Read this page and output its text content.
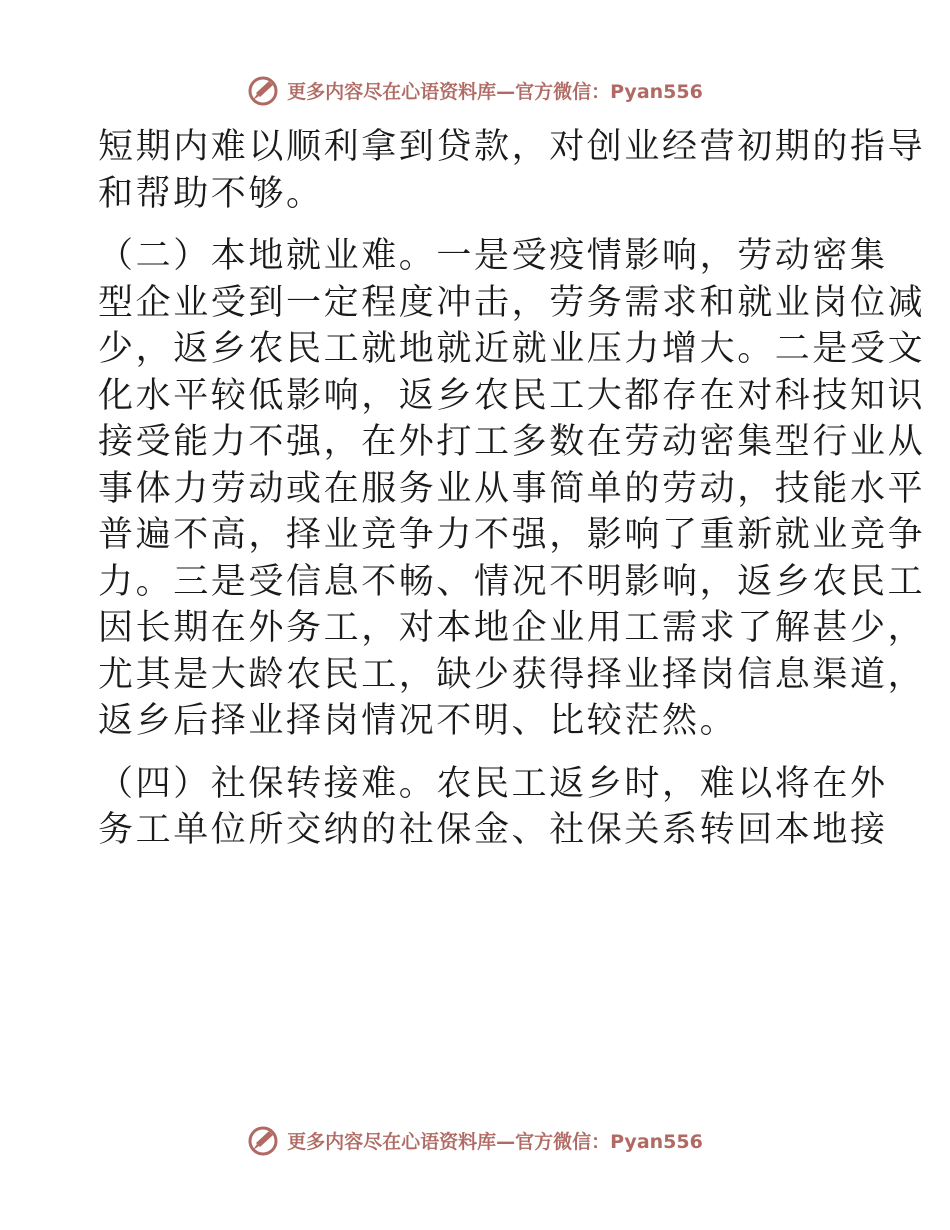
更多内容尽在心语资料库—官方微信：Pyan556
短期内难以顺利拿到贷款，对创业经营初期的指导
和帮助不够。
（二）本地就业难。一是受疫情影响，劳动密集
型企业受到一定程度冲击，劳务需求和就业岗位减
少，返乡农民工就地就近就业压力增大。二是受文
化水平较低影响，返乡农民工大都存在对科技知识
接受能力不强，在外打工多数在劳动密集型行业从
事体力劳动或在服务业从事简单的劳动，技能水平
普遍不高，择业竞争力不强，影响了重新就业竞争
力。三是受信息不畅、情况不明影响，返乡农民工
因长期在外务工，对本地企业用工需求了解甚少，
尤其是大龄农民工，缺少获得择业择岗信息渠道，
返乡后择业择岗情况不明、比较茫然。
（四）社保转接难。农民工返乡时，难以将在外
务工单位所交纳的社保金、社保关系转回本地接
更多内容尽在心语资料库—官方微信：Pyan556
